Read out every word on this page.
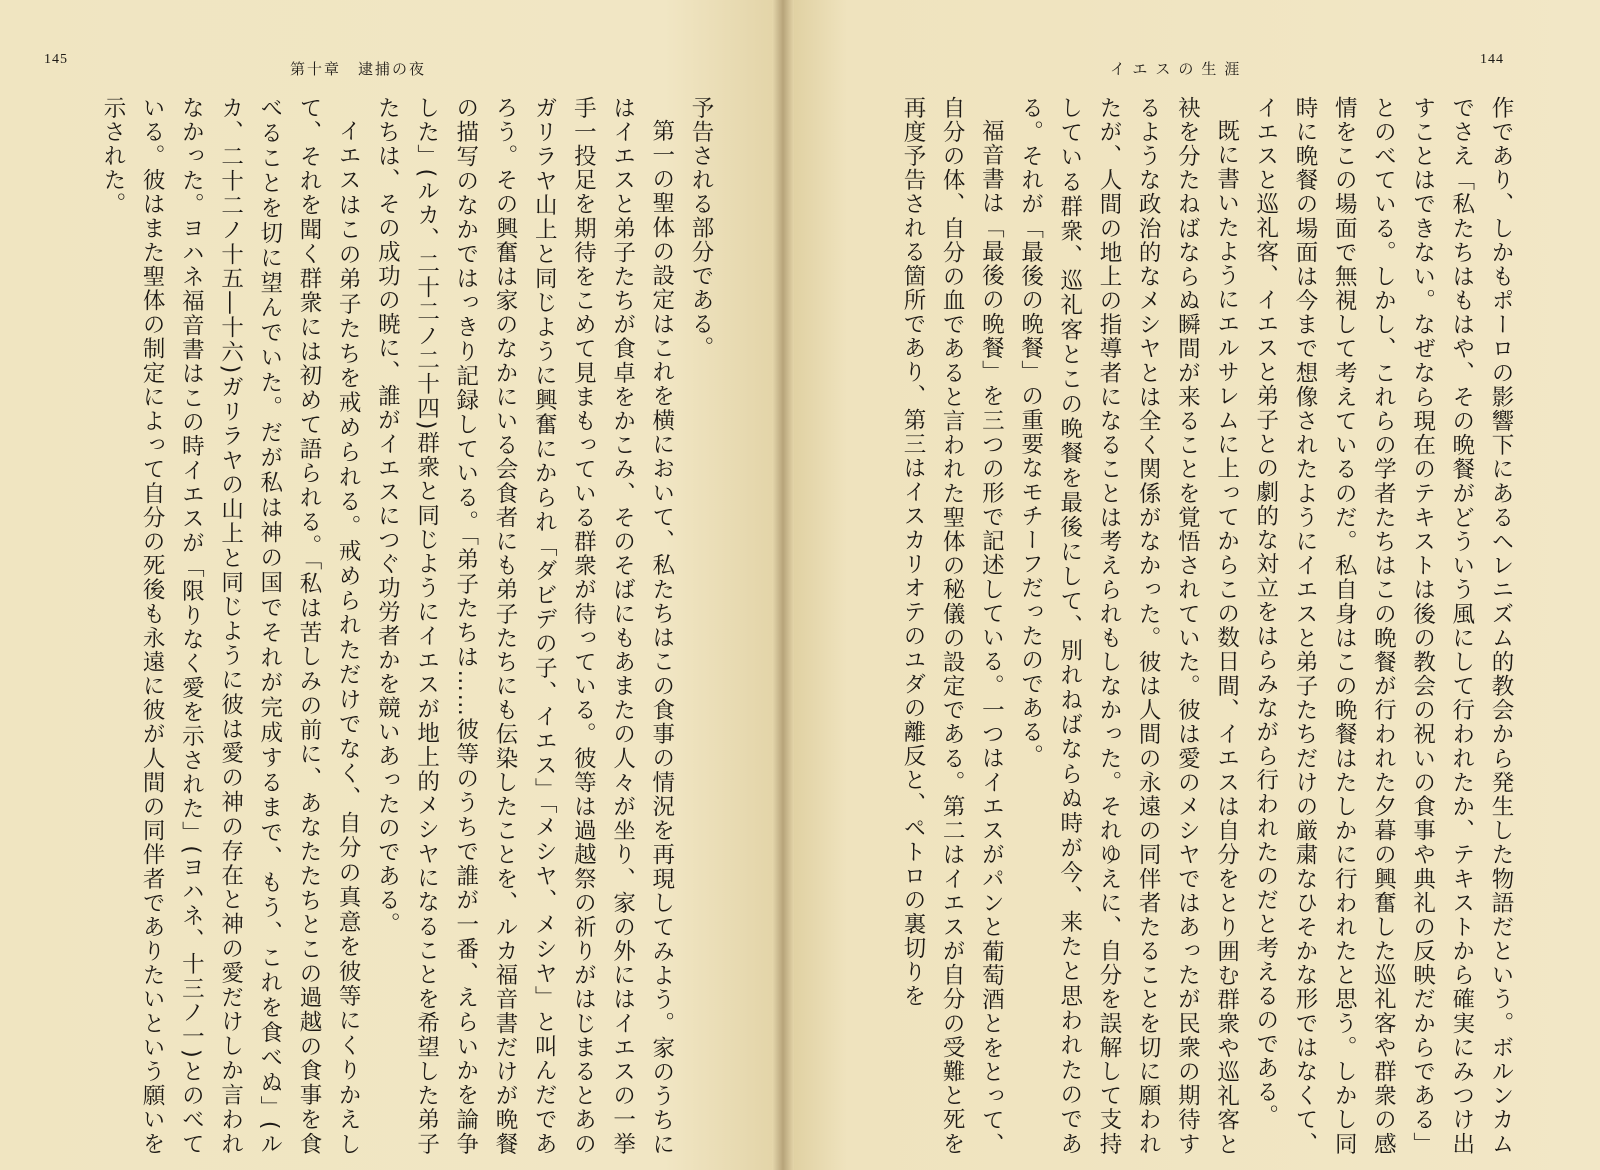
145
第十章　逮捕の夜	イエスの生涯
144

作であり、しかもポーロの影響下にあるヘレニズム的教会から発生した物語だという。ボルンカムでさえ「私たちはもはや、その晩餐がどういう風にして行われたか、テキストから確実にみつけ出すことはできない。なぜなら現在のテキストは後の教会の祝いの食事や典礼の反映だからである」とのべている。しかし、これらの学者たちはこの晩餐が行われた夕暮の興奮した巡礼客や群衆の感情をこの場面で無視して考えているのだ。私自身はこの晩餐はたしかに行われたと思う。しかし同時に晩餐の場面は今まで想像されたようにイエスと弟子たちだけの厳粛なひそかな形ではなくて、イエスと巡礼客、イエスと弟子との劇的な対立をはらみながら行われたのだと考えるのである。

既に書いたようにエルサレムに上ってからこの数日間、イエスは自分をとり囲む群衆や巡礼客と袂を分たねばならぬ瞬間が来ることを覚悟されていた。彼は愛のメシヤではあったが民衆の期待するような政治的なメシヤとは全く関係がなかった。彼は人間の永遠の同伴者たることを切に願われたが、人間の地上の指導者になることは考えられもしなかった。それゆえに、自分を誤解して支持している群衆、巡礼客とこの晩餐を最後にして、別れねばならぬ時が今、来たと思われたのである。それが「最後の晩餐」の重要なモチーフだったのである。

福音書は「最後の晩餐」を三つの形で記述している。一つはイエスがパンと葡萄酒とをとって、自分の体、自分の血であると言われた聖体の秘儀の設定である。第二はイエスが自分の受難と死を再度予告される箇所であり、第三はイスカリオテのユダの離反と、ペトロの裏切りを

予告される部分である。

第一の聖体の設定はこれを横において、私たちはこの食事の情況を再現してみよう。家のうちにはイエスと弟子たちが食卓をかこみ、そのそばにもあまたの人々が坐り、家の外にはイエスの一挙手一投足を期待をこめて見まもっている群衆が待っている。彼等は過越祭の祈りがはじまるとあのガリラヤ山上と同じように興奮にかられ「ダビデの子、イエス」「メシヤ、メシヤ」と叫んだであろう。その興奮は家のなかにいる会食者にも弟子たちにも伝染したことを、ルカ福音書だけが晩餐の描写のなかではっきり記録している。「弟子たちは……彼等のうちで誰が一番、えらいかを論争した」(ルカ、二十二ノ二十四)群衆と同じようにイエスが地上的メシヤになることを希望した弟子たちは、その成功の暁に、誰がイエスにつぐ功労者かを競いあったのである。

イエスはこの弟子たちを戒められる。戒められただけでなく、自分の真意を彼等にくりかえして、それを聞く群衆には初めて語られる。「私は苦しみの前に、あなたたちとこの過越の食事を食べることを切に望んでいた。だが私は神の国でそれが完成するまで、もう、これを食べぬ」(ルカ、二十二ノ十五―十六)ガリラヤの山上と同じように彼は愛の神の存在と神の愛だけしか言われなかった。ヨハネ福音書はこの時イエスが「限りなく愛を示された」(ヨハネ、十三ノ一)とのべている。彼はまた聖体の制定によって自分の死後も永遠に彼が人間の同伴者でありたいという願いを示された。
